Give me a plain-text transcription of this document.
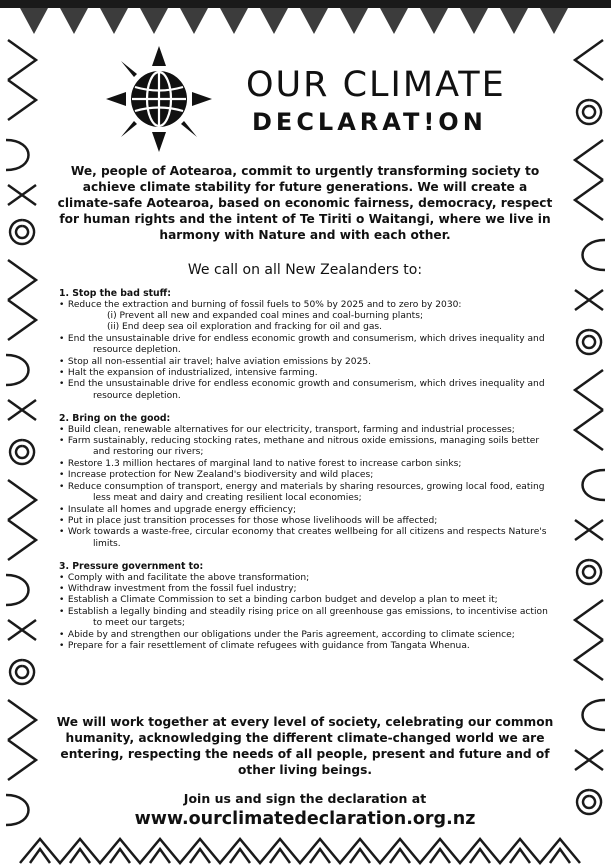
OUR CLIMATE
DECLARAT!ON
We, people of Aotearoa, commit to urgently transforming society to achieve climate stability for future generations. We will create a climate-safe Aotearoa, based on economic fairness, democracy, respect for human rights and the intent of Te Tiriti o Waitangi, where we live in harmony with Nature and with each other.
We call on all New Zealanders to:
1. Stop the bad stuff:
• Reduce the extraction and burning of fossil fuels to 50% by 2025 and to zero by 2030:
(i) Prevent all new and expanded coal mines and coal-burning plants;
(ii) End deep sea oil exploration and fracking for oil and gas.
• End the unsustainable drive for endless economic growth and consumerism, which drives inequality and resource depletion.
• Stop all non-essential air travel; halve aviation emissions by 2025.
• Halt the expansion of industrialized, intensive farming.
• End the unsustainable drive for endless economic growth and consumerism, which drives inequality and resource depletion.
2. Bring on the good:
• Build clean, renewable alternatives for our electricity, transport, farming and industrial processes;
• Farm sustainably, reducing stocking rates, methane and nitrous oxide emissions, managing soils better and restoring our rivers;
• Restore 1.3 million hectares of marginal land to native forest to increase carbon sinks;
• Increase protection for New Zealand's biodiversity and wild places;
• Reduce consumption of transport, energy and materials by sharing resources, growing local food, eating less meat and dairy and creating resilient local economies;
• Insulate all homes and upgrade energy efficiency;
• Put in place just transition processes for those whose livelihoods will be affected;
• Work towards a waste-free, circular economy that creates wellbeing for all citizens and respects Nature's limits.
3. Pressure government to:
• Comply with and facilitate the above transformation;
• Withdraw investment from the fossil fuel industry;
• Establish a Climate Commission to set a binding carbon budget and develop a plan to meet it;
• Establish a legally binding and steadily rising price on all greenhouse gas emissions, to incentivise action to meet our targets;
• Abide by and strengthen our obligations under the Paris agreement, according to climate science;
• Prepare for a fair resettlement of climate refugees with guidance from Tangata Whenua.
We will work together at every level of society, celebrating our common humanity, acknowledging the different climate-changed world we are entering, respecting the needs of all people, present and future and of other living beings.
Join us and sign the declaration at
www.ourclimatedeclaration.org.nz
